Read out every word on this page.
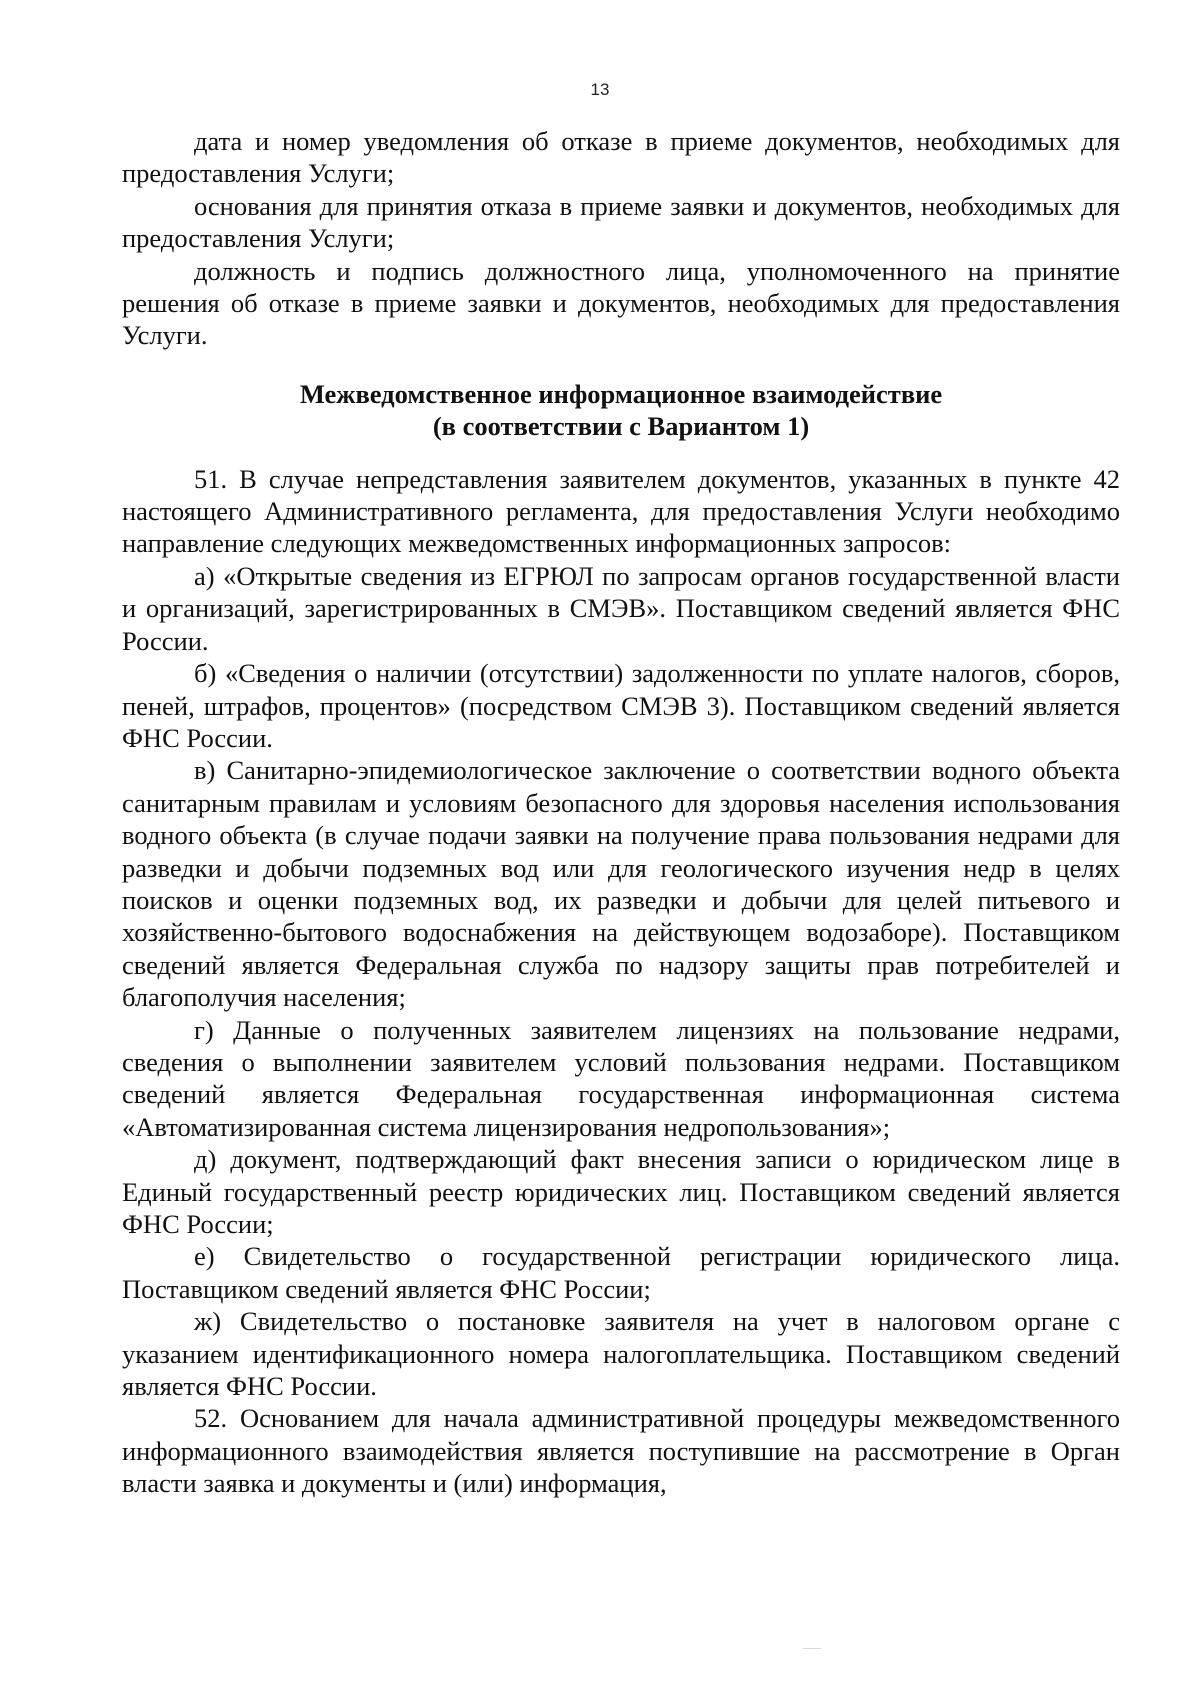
13

дата и номер уведомления об отказе в приеме документов, необходимых для предоставления Услуги;

основания для принятия отказа в приеме заявки и документов, необходимых для предоставления Услуги;

должность и подпись должностного лица, уполномоченного на принятие решения об отказе в приеме заявки и документов, необходимых для предоставления Услуги.

Межведомственное информационное взаимодействие
(в соответствии с Вариантом 1)

51. В случае непредставления заявителем документов, указанных в пункте 42 настоящего Административного регламента, для предоставления Услуги необходимо направление следующих межведомственных информационных запросов:

а) «Открытые сведения из ЕГРЮЛ по запросам органов государственной власти и организаций, зарегистрированных в СМЭВ». Поставщиком сведений является ФНС России.

б) «Сведения о наличии (отсутствии) задолженности по уплате налогов, сборов, пеней, штрафов, процентов» (посредством СМЭВ 3). Поставщиком сведений является ФНС России.

в) Санитарно-эпидемиологическое заключение о соответствии водного объекта санитарным правилам и условиям безопасного для здоровья населения использования водного объекта (в случае подачи заявки на получение права пользования недрами для разведки и добычи подземных вод или для геологического изучения недр в целях поисков и оценки подземных вод, их разведки и добычи для целей питьевого и хозяйственно-бытового водоснабжения на действующем водозаборе). Поставщиком сведений является Федеральная служба по надзору защиты прав потребителей и благополучия населения;

г) Данные о полученных заявителем лицензиях на пользование недрами, сведения о выполнении заявителем условий пользования недрами. Поставщиком сведений является Федеральная государственная информационная система «Автоматизированная система лицензирования недропользования»;

д) документ, подтверждающий факт внесения записи о юридическом лице в Единый государственный реестр юридических лиц. Поставщиком сведений является ФНС России;

е) Свидетельство о государственной регистрации юридического лица. Поставщиком сведений является ФНС России;

ж) Свидетельство о постановке заявителя на учет в налоговом органе с указанием идентификационного номера налогоплательщика. Поставщиком сведений является ФНС России.

52. Основанием для начала административной процедуры межведомственного информационного взаимодействия является поступившие на рассмотрение в Орган власти заявка и документы и (или) информация,
